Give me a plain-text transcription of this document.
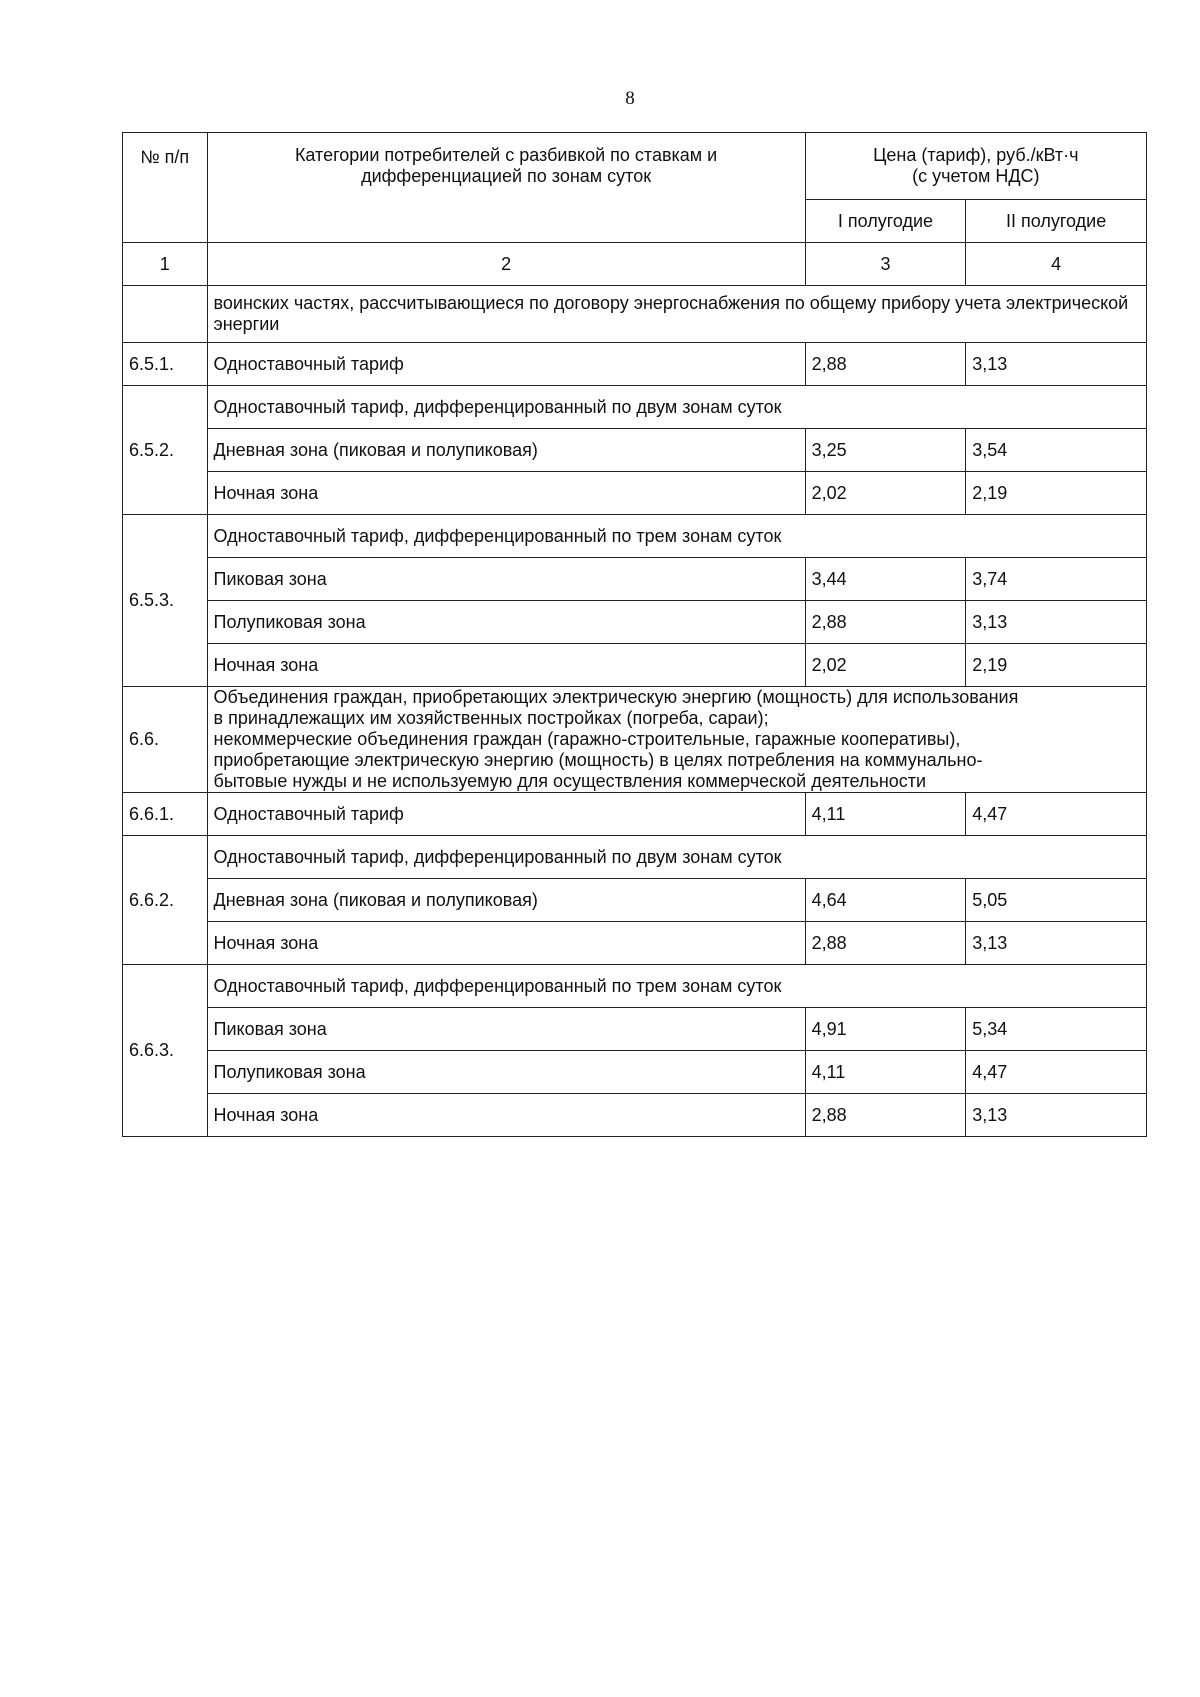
8
№ п/п	Категории потребителей с разбивкой по ставкам и дифференциацией по зонам суток	Цена (тариф), руб./кВт·ч
(с учетом НДС)	

		I полугодие	II полугодие
1	2	3	4
	воинских частях, рассчитывающиеся по договору энергоснабжения по общему прибору учета электрической энергии		
6.5.1.	Одноставочный тариф	2,88	3,13
6.5.2.	Одноставочный тариф, дифференцированный по двум зонам суток		
	Дневная зона (пиковая и полупиковая)	3,25	3,54
	Ночная зона	2,02	2,19
6.5.3.	Одноставочный тариф, дифференцированный по трем зонам суток		
	Пиковая зона	3,44	3,74
	Полупиковая зона	2,88	3,13
	Ночная зона	2,02	2,19
6.6.	Объединения граждан, приобретающих электрическую энергию (мощность) для использования
в принадлежащих им хозяйственных постройках (погреба, сараи);
некоммерческие объединения граждан (гаражно-строительные, гаражные кооперативы),
приобретающие электрическую энергию (мощность) в целях потребления на коммунально-
бытовые нужды и не используемую для осуществления коммерческой деятельности		

6.6.1.	Одноставочный тариф	4,11	4,47
6.6.2.	Одноставочный тариф, дифференцированный по двум зонам суток		
	Дневная зона (пиковая и полупиковая)	4,64	5,05
	Ночная зона	2,88	3,13
6.6.3.	Одноставочный тариф, дифференцированный по трем зонам суток		
	Пиковая зона	4,91	5,34
	Полупиковая зона	4,11	4,47
	Ночная зона	2,88	3,13
